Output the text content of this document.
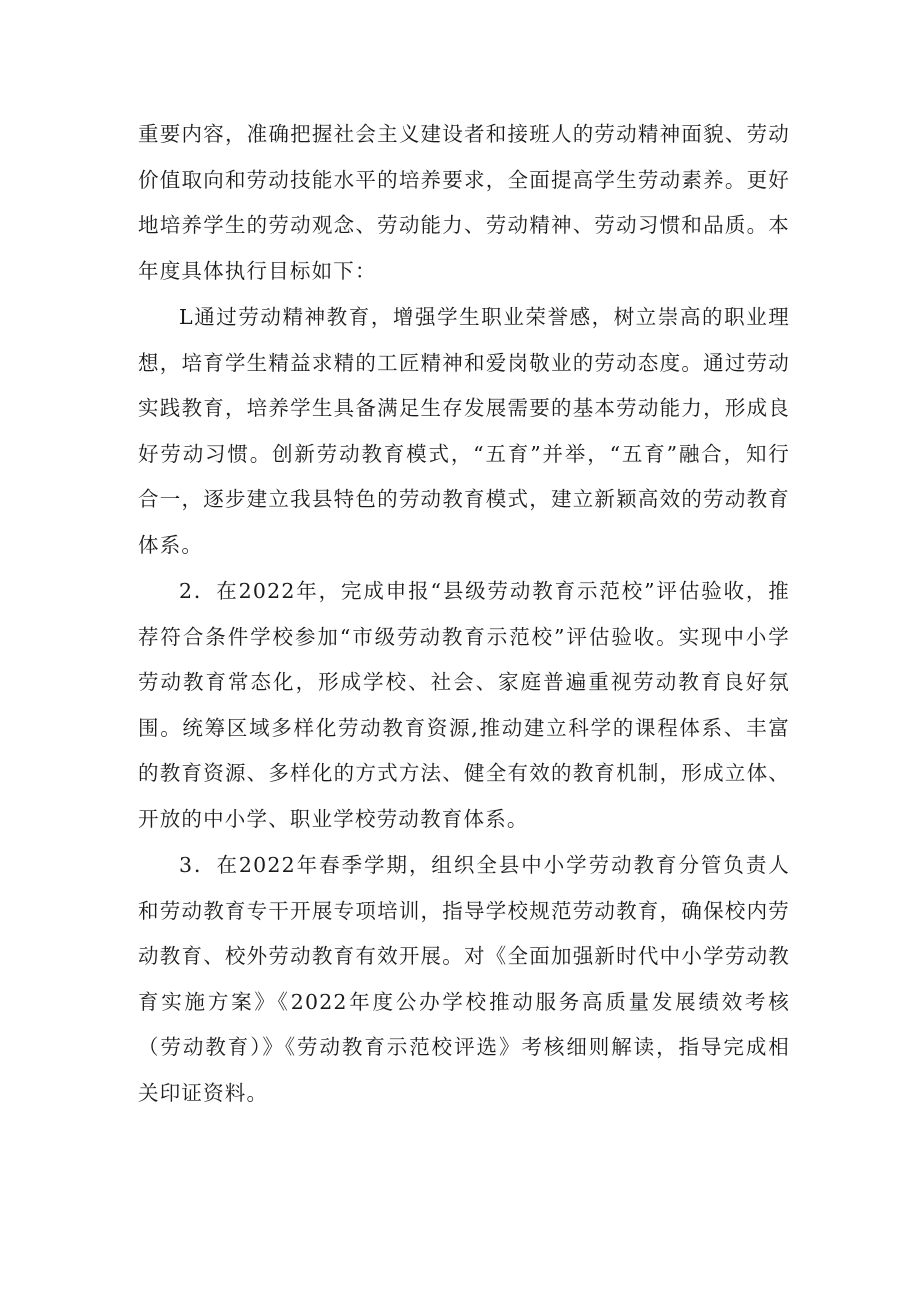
重要内容，准确把握社会主义建设者和接班人的劳动精神面貌、劳动价值取向和劳动技能水平的培养要求，全面提高学生劳动素养。更好地培养学生的劳动观念、劳动能力、劳动精神、劳动习惯和品质。本年度具体执行目标如下：

L通过劳动精神教育，增强学生职业荣誉感，树立崇高的职业理想，培育学生精益求精的工匠精神和爱岗敬业的劳动态度。通过劳动实践教育，培养学生具备满足生存发展需要的基本劳动能力，形成良好劳动习惯。创新劳动教育模式，“五育”并举，“五育”融合，知行合一，逐步建立我县特色的劳动教育模式，建立新颖高效的劳动教育体系。

2．在2022年，完成申报“县级劳动教育示范校”评估验收，推荐符合条件学校参加“市级劳动教育示范校”评估验收。实现中小学劳动教育常态化，形成学校、社会、家庭普遍重视劳动教育良好氛围。统筹区域多样化劳动教育资源,推动建立科学的课程体系、丰富的教育资源、多样化的方式方法、健全有效的教育机制，形成立体、开放的中小学、职业学校劳动教育体系。

3．在2022年春季学期，组织全县中小学劳动教育分管负责人和劳动教育专干开展专项培训，指导学校规范劳动教育，确保校内劳动教育、校外劳动教育有效开展。对《全面加强新时代中小学劳动教育实施方案》《2022年度公办学校推动服务高质量发展绩效考核（劳动教育）》《劳动教育示范校评选》考核细则解读，指导完成相关印证资料。
